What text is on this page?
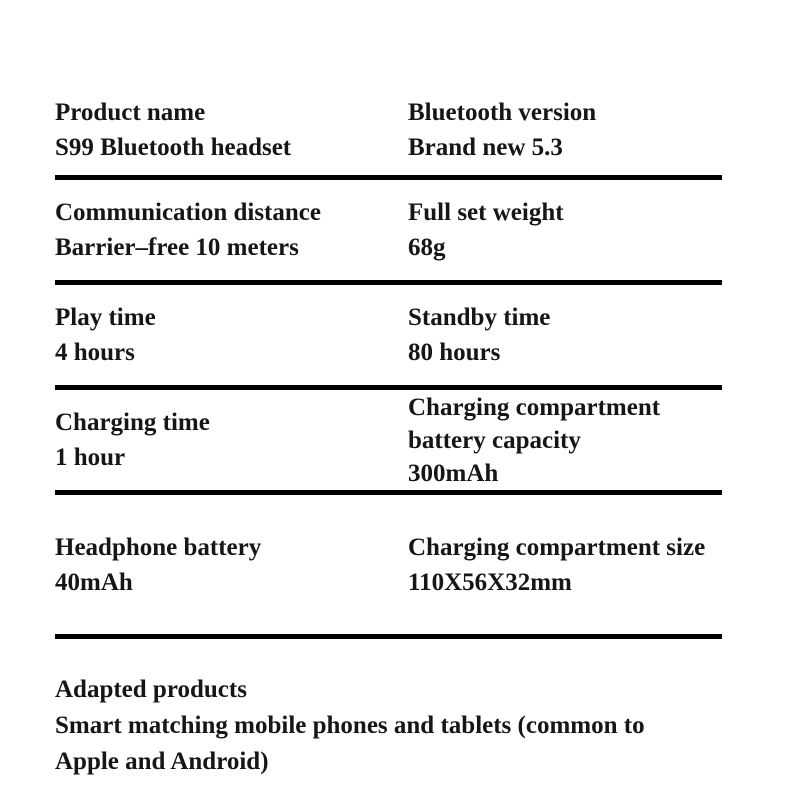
Product name
S99 Bluetooth headset
Bluetooth version
Brand new 5.3
Communication distance
Barrier–free 10 meters
Full set weight
68g
Play time
4 hours
Standby time
80 hours
Charging time
1 hour
Charging compartment battery capacity
300mAh
Headphone battery
40mAh
Charging compartment size
110X56X32mm
Adapted products
Smart matching mobile phones and tablets (common to
Apple and Android)
